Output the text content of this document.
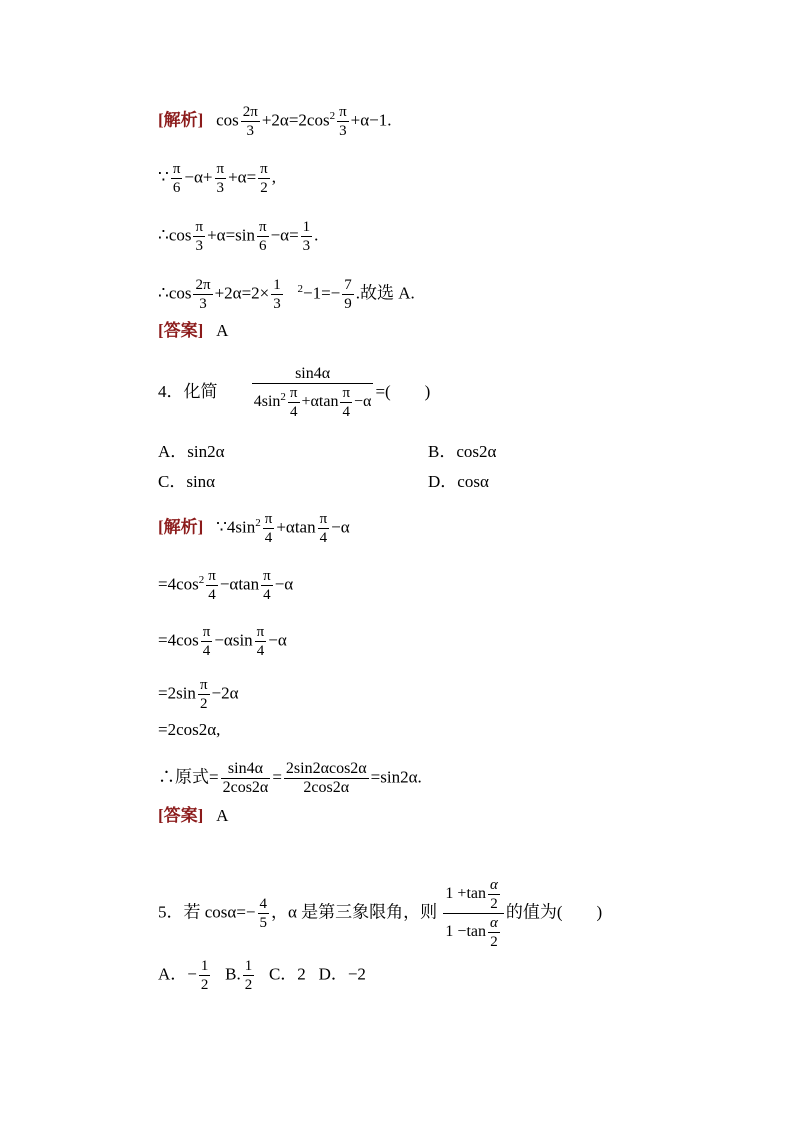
[解析] $\cos \frac{2\pi}{3} +2\alpha=2\cos^2 \frac{\pi}{3} +\alpha-1$.
∵ $\frac{\pi}{6} -\alpha+ \frac{\pi}{3} +\alpha= \frac{\pi}{2}$ ,
∴cos $\frac{\pi}{3} +\alpha=\sin \frac{\pi}{6} -\alpha= \frac{1}{3}$ .
∴cos $\frac{2\pi}{3} +2\alpha=2\times \frac{1}{3} ^2-1=- \frac{7}{9}$ .故选 A.
[答案] A
4．化简 $\frac{\sin 4\alpha}{4\sin^2 \frac{\pi}{4} +\alpha\tan \frac{\pi}{4} -\alpha}$ =(　　)
A．sin2α	B．cos2α
C．sinα	D．cosα
[解析] $\because 4\sin^2 \frac{\pi}{4} +\alpha\tan \frac{\pi}{4} -\alpha$
$=4\cos^2 \frac{\pi}{4} -\alpha\tan \frac{\pi}{4} -\alpha$
$=4\cos \frac{\pi}{4} -\alpha\sin \frac{\pi}{4} -\alpha$
$=2\sin \frac{\pi}{2} -2\alpha$
=2cos2α,
∴原式= $\frac{\sin 4\alpha}{2\cos 2\alpha} = \frac{2\sin 2\alpha\cos 2\alpha}{2\cos 2\alpha} =\sin 2\alpha$.
[答案] A
5．若 $\cos\alpha=- \frac{4}{5}$ ，α 是第三象限角，则 $\frac{1 +\tan \frac{\alpha}{2}}{1 -\tan \frac{\alpha}{2}}$ 的值为(　　)
A．− $\frac{1}{2} B$. $\frac{1}{2}$ C．2 D．−2
